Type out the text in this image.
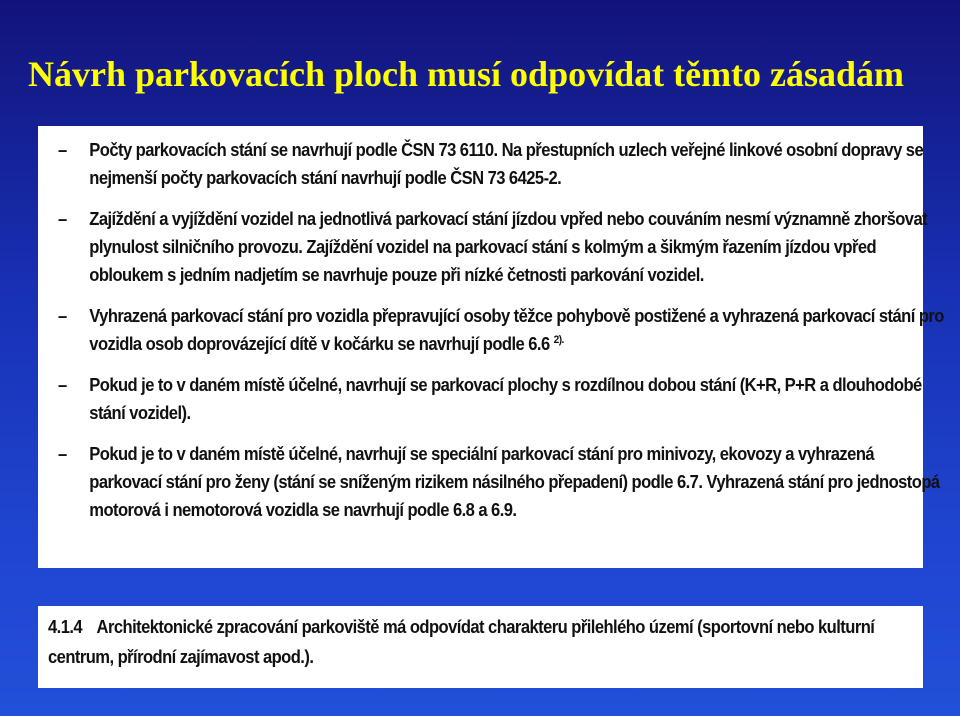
Návrh parkovacích ploch musí odpovídat těmto zásadám
– Počty parkovacích stání se navrhují podle ČSN 73 6110. Na přestupních uzlech veřejné linkové osobní dopravy se nejmenší počty parkovacích stání navrhují podle ČSN 73 6425-2.
– Zajíždění a vyjíždění vozidel na jednotlivá parkovací stání jízdou vpřed nebo couváním nesmí významně zhoršovat plynulost silničního provozu. Zajíždění vozidel na parkovací stání s kolmým a šikmým řazením jízdou vpřed obloukem s jedním nadjetím se navrhuje pouze při nízké četnosti parkování vozidel.
– Vyhrazená parkovací stání pro vozidla přepravující osoby těžce pohybově postižené a vyhrazená parkovací stání pro vozidla osob doprovázející dítě v kočárku se navrhují podle 6.6 $^{2).}$
– Pokud je to v daném místě účelné, navrhují se parkovací plochy s rozdílnou dobou stání (K+R, P+R a dlouhodobé stání vozidel).
– Pokud je to v daném místě účelné, navrhují se speciální parkovací stání pro minivozy, ekovozy a vyhrazená parkovací stání pro ženy (stání se sníženým rizikem násilného přepadení) podle 6.7. Vyhrazená stání pro jednostopá motorová i nemotorová vozidla se navrhují podle 6.8 a 6.9.

4.1.4 Architektonické zpracování parkoviště má odpovídat charakteru přilehlého území (sportovní nebo kulturní centrum, přírodní zajímavost apod.).
